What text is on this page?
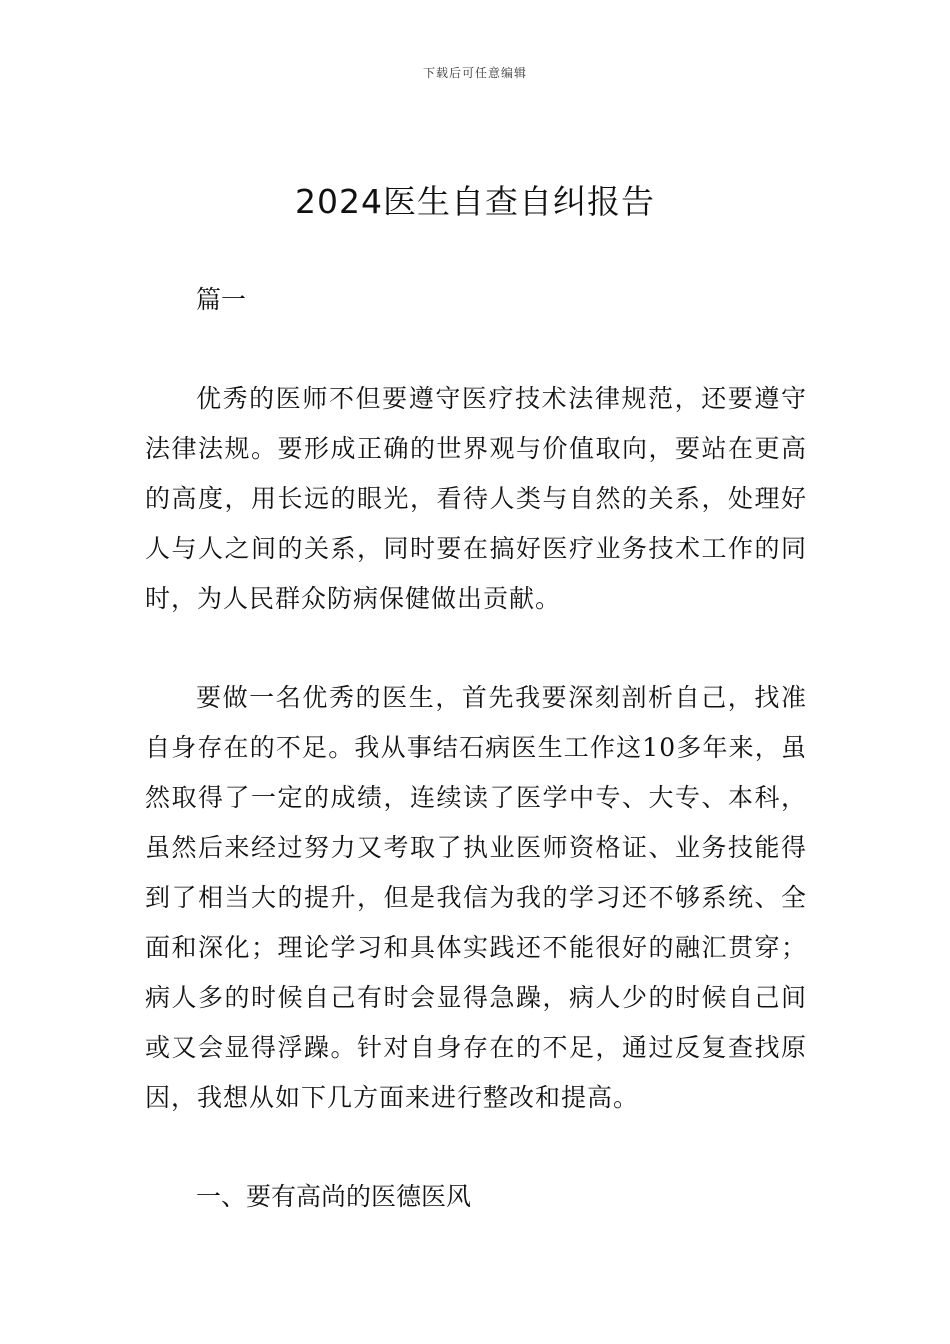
下载后可任意编辑
2024医生自查自纠报告
篇一

优秀的医师不但要遵守医疗技术法律规范，还要遵守法律法规。要形成正确的世界观与价值取向，要站在更高的高度，用长远的眼光，看待人类与自然的关系，处理好人与人之间的关系，同时要在搞好医疗业务技术工作的同时，为人民群众防病保健做出贡献。

要做一名优秀的医生，首先我要深刻剖析自己，找准自身存在的不足。我从事结石病医生工作这10多年来，虽然取得了一定的成绩，连续读了医学中专、大专、本科，虽然后来经过努力又考取了执业医师资格证、业务技能得到了相当大的提升，但是我信为我的学习还不够系统、全面和深化；理论学习和具体实践还不能很好的融汇贯穿；病人多的时候自己有时会显得急躁，病人少的时候自己间或又会显得浮躁。针对自身存在的不足，通过反复查找原因，我想从如下几方面来进行整改和提高。

一、要有高尚的医德医风
